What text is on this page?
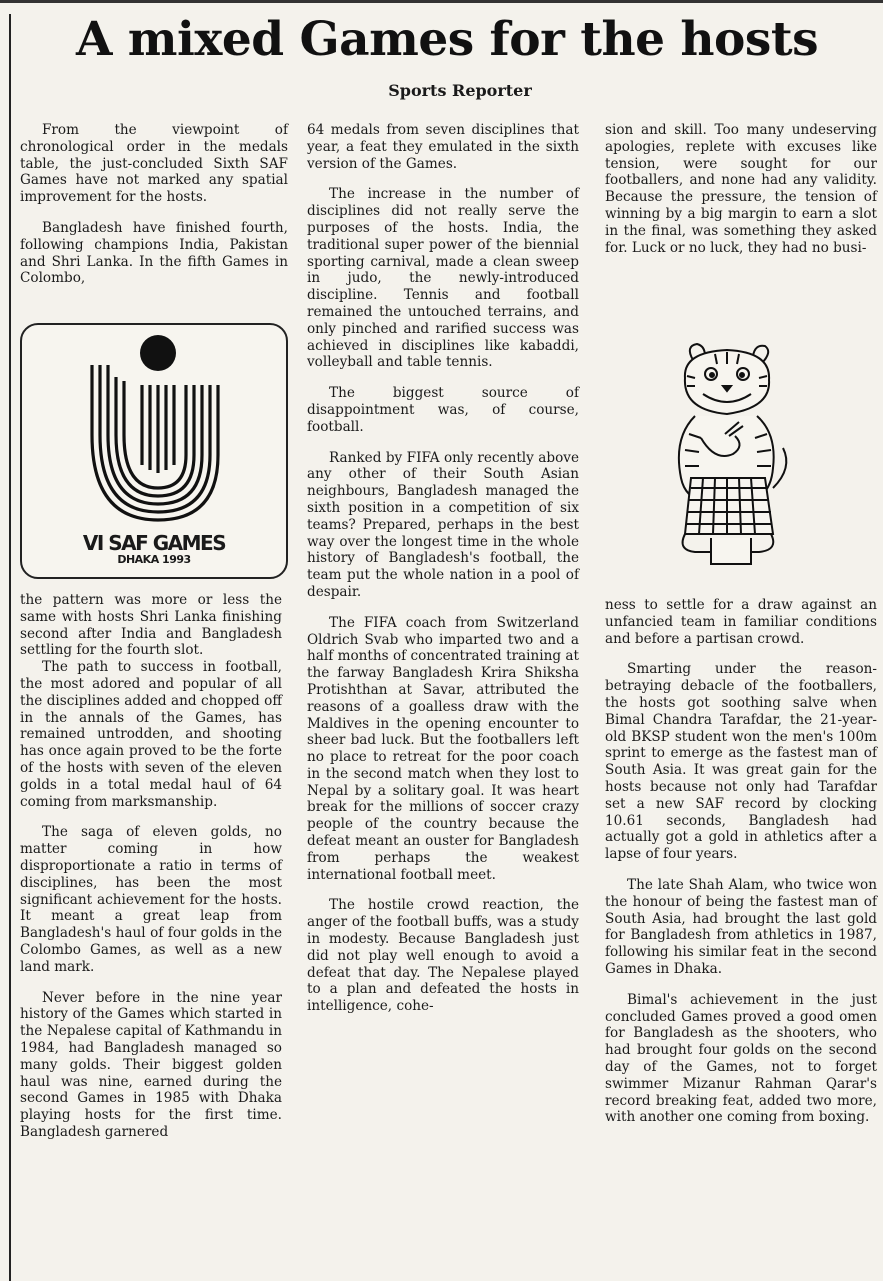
A mixed Games for the hosts
Sports Reporter

From the viewpoint of chronological order in the medals table, the just-concluded Sixth SAF Games have not marked any spatial improvement for the hosts.

Bangladesh have finished fourth, following champions India, Pakistan and Shri Lanka. In the fifth Games in Colombo,

VI SAF GAMES
DHAKA 1993

the pattern was more or less the same with hosts Shri Lanka finishing second after India and Bangladesh settling for the fourth slot.

The path to success in football, the most adored and popular of all the disciplines added and chopped off in the annals of the Games, has remained untrodden, and shooting has once again proved to be the forte of the hosts with seven of the eleven golds in a total medal haul of 64 coming from marksmanship.

The saga of eleven golds, no matter coming in how disproportionate a ratio in terms of disciplines, has been the most significant achievement for the hosts. It meant a great leap from Bangladesh's haul of four golds in the Colombo Games, as well as a new land mark.

Never before in the nine year history of the Games which started in the Nepalese capital of Kathmandu in 1984, had Bangladesh managed so many golds. Their biggest golden haul was nine, earned during the second Games in 1985 with Dhaka playing hosts for the first time. Bangladesh garnered

64 medals from seven disciplines that year, a feat they emulated in the sixth version of the Games.

The increase in the number of disciplines did not really serve the purposes of the hosts. India, the traditional super power of the biennial sporting carnival, made a clean sweep in judo, the newly-introduced discipline. Tennis and football remained the untouched terrains, and only pinched and rarified success was achieved in disciplines like kabaddi, volleyball and table tennis.

The biggest source of disappointment was, of course, football.

Ranked by FIFA only recently above any other of their South Asian neighbours, Bangladesh managed the sixth position in a competition of six teams? Prepared, perhaps in the best way over the longest time in the whole history of Bangladesh's football, the team put the whole nation in a pool of despair.

The FIFA coach from Switzerland Oldrich Svab who imparted two and a half months of concentrated training at the farway Bangladesh Krira Shiksha Protishthan at Savar, attributed the reasons of a goalless draw with the Maldives in the opening encounter to sheer bad luck. But the footballers left no place to retreat for the poor coach in the second match when they lost to Nepal by a solitary goal. It was heart break for the millions of soccer crazy people of the country because the defeat meant an ouster for Bangladesh from perhaps the weakest international football meet.

The hostile crowd reaction, the anger of the football buffs, was a study in modesty. Because Bangladesh just did not play well enough to avoid a defeat that day. The Nepalese played to a plan and defeated the hosts in intelligence, cohe-

sion and skill. Too many undeserving apologies, replete with excuses like tension, were sought for our footballers, and none had any validity. Because the pressure, the tension of winning by a big margin to earn a slot in the final, was something they asked for. Luck or no luck, they had no busi-

ness to settle for a draw against an unfancied team in familiar conditions and before a partisan crowd.

Smarting under the reason-betraying debacle of the footballers, the hosts got soothing salve when Bimal Chandra Tarafdar, the 21-year-old BKSP student won the men's 100m sprint to emerge as the fastest man of South Asia. It was great gain for the hosts because not only had Tarafdar set a new SAF record by clocking 10.61 seconds, Bangladesh had actually got a gold in athletics after a lapse of four years.

The late Shah Alam, who twice won the honour of being the fastest man of South Asia, had brought the last gold for Bangladesh from athletics in 1987, following his similar feat in the second Games in Dhaka.

Bimal's achievement in the just concluded Games proved a good omen for Bangladesh as the shooters, who had brought four golds on the second day of the Games, not to forget swimmer Mizanur Rahman Qarar's record breaking feat, added two more, with another one coming from boxing.
